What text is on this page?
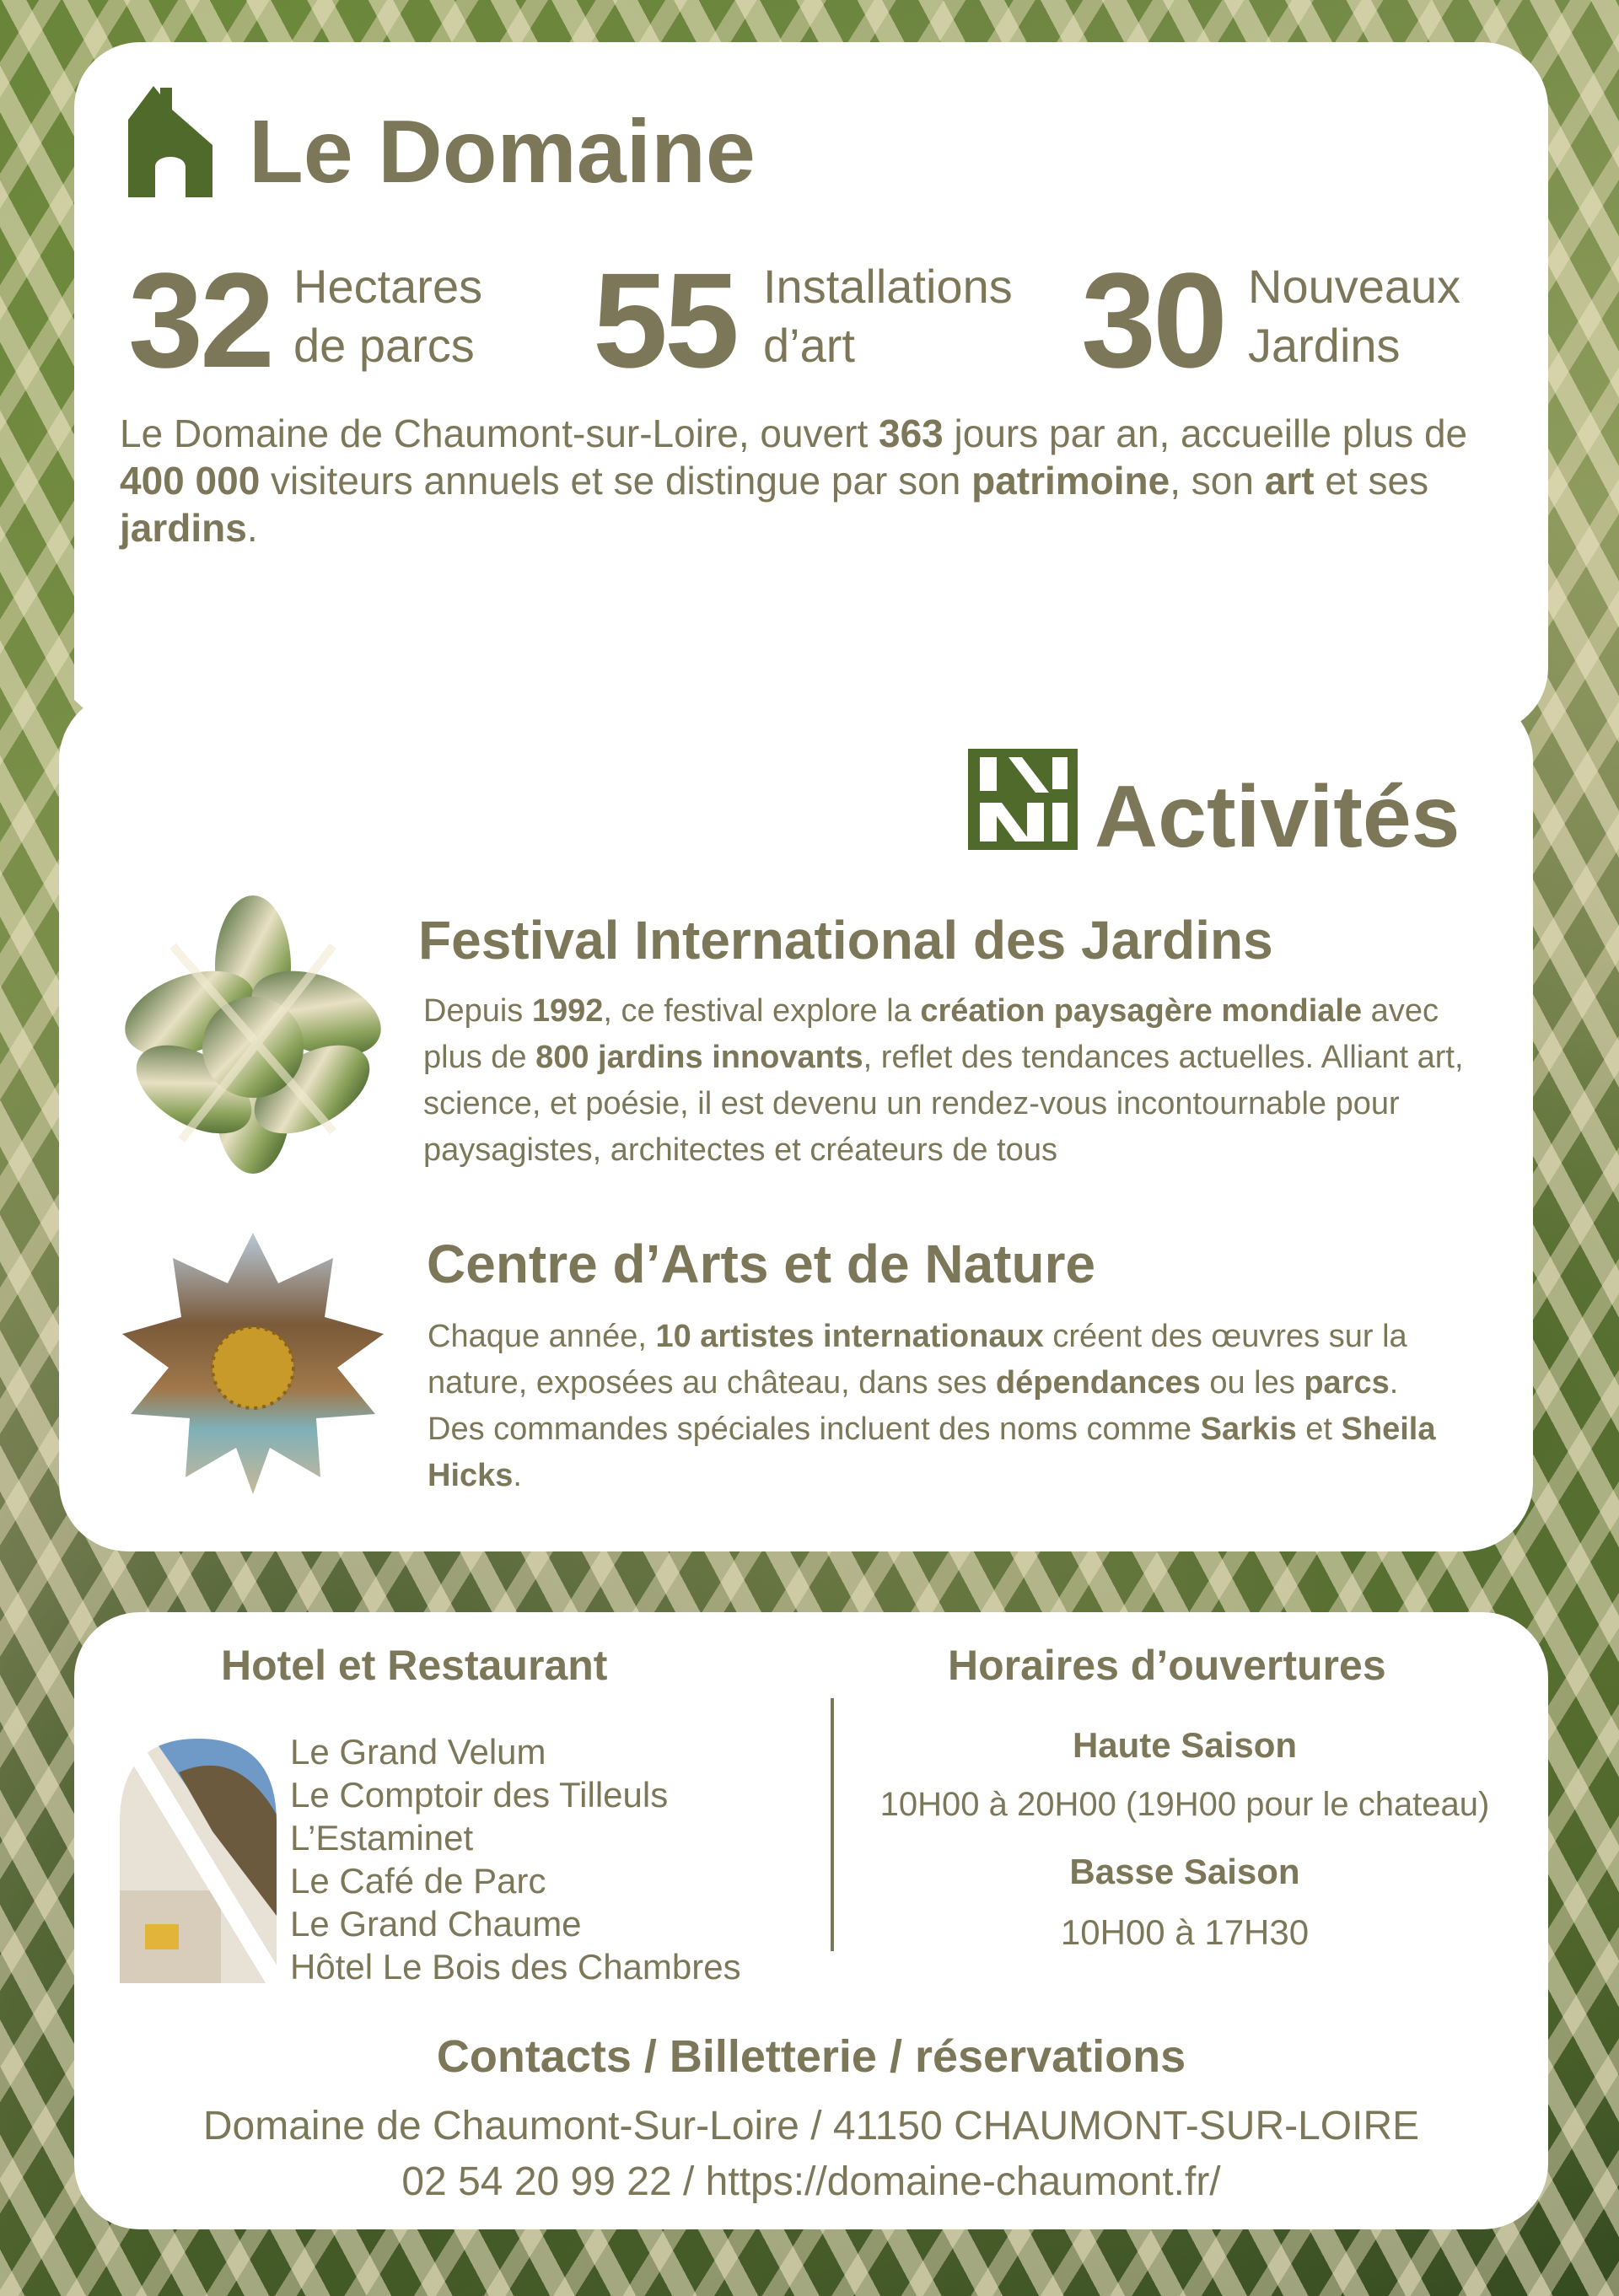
Le Domaine
32 Hectares
de parcs 55 Installations
d’art 30 Nouveaux
Jardins

Le Domaine de Chaumont-sur-Loire, ouvert 363 jours par an, accueille plus de 400 000 visiteurs annuels et se distingue par son patrimoine, son art et ses jardins.

Activités
Festival International des Jardins

Depuis 1992, ce festival explore la création paysagère mondiale avec plus de 800 jardins innovants, reflet des tendances actuelles. Alliant art, science, et poésie, il est devenu un rendez-vous incontournable pour paysagistes, architectes et créateurs de tous

Centre d’Arts et de Nature

Chaque année, 10 artistes internationaux créent des œuvres sur la nature, exposées au château, dans ses dépendances ou les parcs. Des commandes spéciales incluent des noms comme Sarkis et Sheila Hicks.

Hotel et Restaurant	Horaires d’ouvertures
Le Grand Velum
Le Comptoir des Tilleuls
L’Estaminet
Le Café de Parc
Le Grand Chaume
Hôtel Le Bois des Chambres

Haute Saison

10H00 à 20H00 (19H00 pour le chateau)

Basse Saison

10H00 à 17H30

Contacts / Billetterie / réservations

Domaine de Chaumont-Sur-Loire / 41150 CHAUMONT-SUR-LOIRE

02 54 20 99 22 / https://domaine-chaumont.fr/
